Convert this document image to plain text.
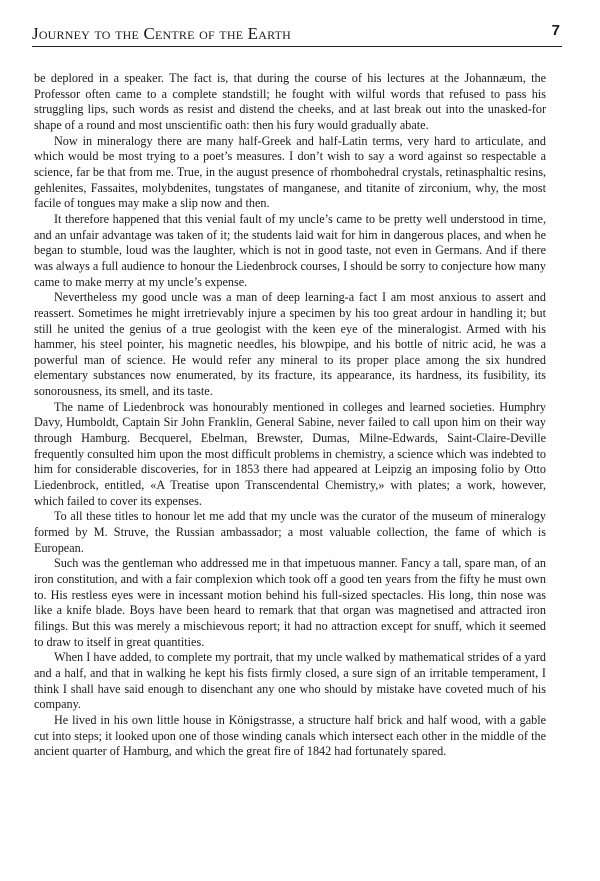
Journey to the Centre of the Earth	7

be deplored in a speaker. The fact is, that during the course of his lectures at the Johannæum, the Professor often came to a complete standstill; he fought with wilful words that refused to pass his struggling lips, such words as resist and distend the cheeks, and at last break out into the unasked-for shape of a round and most unscientific oath: then his fury would gradually abate.

Now in mineralogy there are many half-Greek and half-Latin terms, very hard to articulate, and which would be most trying to a poet’s measures. I don’t wish to say a word against so respectable a science, far be that from me. True, in the august presence of rhombohedral crystals, retinasphaltic resins, gehlenites, Fassaites, molybdenites, tungstates of manganese, and titanite of zirconium, why, the most facile of tongues may make a slip now and then.

It therefore happened that this venial fault of my uncle’s came to be pretty well understood in time, and an unfair advantage was taken of it; the students laid wait for him in dangerous places, and when he began to stumble, loud was the laughter, which is not in good taste, not even in Germans. And if there was always a full audience to honour the Liedenbrock courses, I should be sorry to conjecture how many came to make merry at my uncle’s expense.

Nevertheless my good uncle was a man of deep learning-a fact I am most anxious to assert and reassert. Sometimes he might irretrievably injure a specimen by his too great ardour in handling it; but still he united the genius of a true geologist with the keen eye of the mineralogist. Armed with his hammer, his steel pointer, his magnetic needles, his blowpipe, and his bottle of nitric acid, he was a powerful man of science. He would refer any mineral to its proper place among the six hundred elementary substances now enumerated, by its fracture, its appearance, its hardness, its fusibility, its sonorousness, its smell, and its taste.

The name of Liedenbrock was honourably mentioned in colleges and learned societies. Humphry Davy, Humboldt, Captain Sir John Franklin, General Sabine, never failed to call upon him on their way through Hamburg. Becquerel, Ebelman, Brewster, Dumas, Milne-Edwards, Saint-Claire-Deville frequently consulted him upon the most difficult problems in chemistry, a science which was indebted to him for considerable discoveries, for in 1853 there had appeared at Leipzig an imposing folio by Otto Liedenbrock, entitled, «A Treatise upon Transcendental Chemistry,» with plates; a work, however, which failed to cover its expenses.

To all these titles to honour let me add that my uncle was the curator of the museum of mineralogy formed by M. Struve, the Russian ambassador; a most valuable collection, the fame of which is European.

Such was the gentleman who addressed me in that impetuous manner. Fancy a tall, spare man, of an iron constitution, and with a fair complexion which took off a good ten years from the fifty he must own to. His restless eyes were in incessant motion behind his full-sized spectacles. His long, thin nose was like a knife blade. Boys have been heard to remark that that organ was magnetised and attracted iron filings. But this was merely a mischievous report; it had no attraction except for snuff, which it seemed to draw to itself in great quantities.

When I have added, to complete my portrait, that my uncle walked by mathematical strides of a yard and a half, and that in walking he kept his fists firmly closed, a sure sign of an irritable temperament, I think I shall have said enough to disenchant any one who should by mistake have coveted much of his company.

He lived in his own little house in Königstrasse, a structure half brick and half wood, with a gable cut into steps; it looked upon one of those winding canals which intersect each other in the middle of the ancient quarter of Hamburg, and which the great fire of 1842 had fortunately spared.
